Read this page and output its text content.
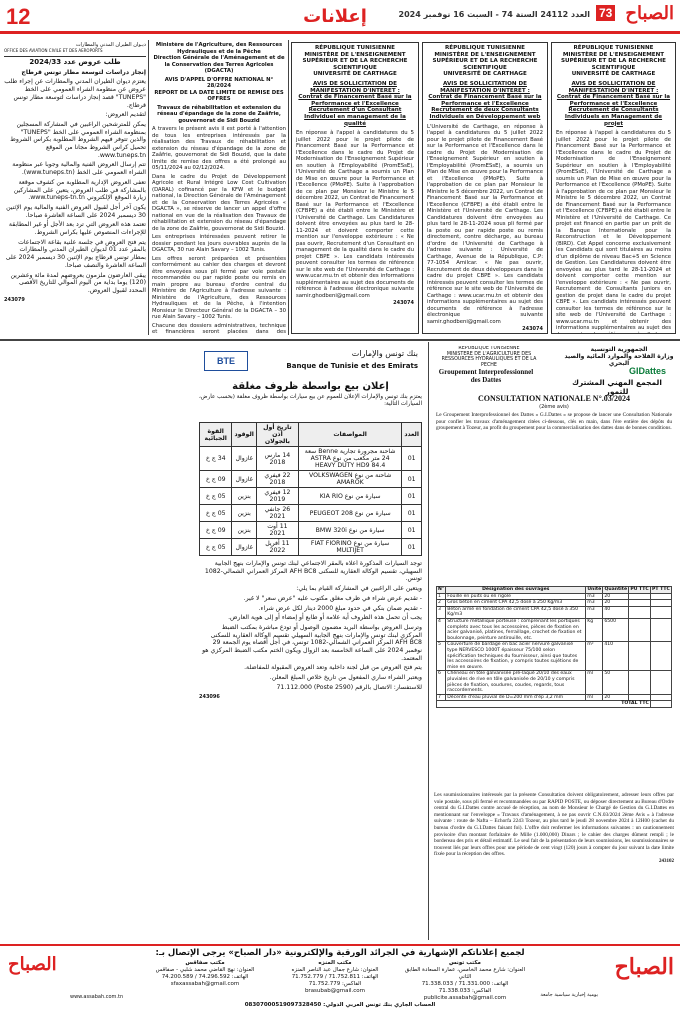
12	إعلانات	العدد 24112 السنة 74 - السبت 16 نوفمبر 2024 73 الصباح
ديـوان الطيران المدني والمطارات
OFFICE DES AVIATION CIVILE ET DES AEROPORTS

طلب عروض عدد 2024/33

إنجاز دراسات لتوسعة مطار تونس قرطاج

يعتزم ديوان الطيران المدني والمطارات عن إجراء طلب عروض عن منظومة الشراء العمومي على الخط "TUNEPS" قصد إنجاز دراسات لتوسعة مطار تونس قرطاج.

لتقديم العروض:

يمكن للمترشحين الراغبين في المشاركة المسجلين بمنظومة الشراء العمومي على الخط "TUNEPS" والذين تتوفر فيهم الشروط المطلوبة بكراس الشروط تحميل كراس الشروط مجانا من الموقع www.tuneps.tn.

تتم إرسال العروض الفنية والمالية وجوبا عبر منظومة الشراء العمومي على الخط (www.tuneps.tn).

تعفى العروض الإدارية المطلوبة من كشوف موقعة بالمشاركة في طلب العروض، يتعين على المشاركين زيارة الموقع الإلكتروني www.tuneps-tn.tn.

يكون آخر أجل لقبول العروض الفنية والمالية يوم الإثنين 30 ديسمبر 2024 على الساعة العاشرة صباحا.

تعتمد هذه العروض التي ترد بعد الأجل أو غير المطابقة للإجراءات المنصوص عليها بكراس الشروط.

يتم فتح العروض في جلسة علنية بقاعة الاجتماعات بالمقر عدد 01 لديوان الطيران المدني والمطارات بمطار تونس قرطاج يوم الإثنين 30 ديسمبر 2024 على الساعة العاشرة والنصف صباحا.

يبقى العارضون ملزمون بعروضهم لمدة مائة وعشرين (120) يوما بداية من اليوم الموالي للتاريخ الأقصى المحدد لقبول العروض.

243079

Ministère de l'Agriculture, des Ressources Hydrauliques et de la Pêche
Direction Générale de l'Aménagement et de la Conservation des Terres Agricoles (DGACTA)

AVIS D'APPEL D'OFFRE NATIONAL N° 28/2024
REPORT DE LA DATE LIMITE DE REMISE DES OFFRES

Travaux de réhabilitation et extension du réseau d'épandage de la zone de Zaâfrie, gouvernorat de Sidi Bouzid

A travers le présent avis il est porté à l'attention de tous les entreprises intéressés par la réalisation des Travaux de réhabilitation et extension du réseau d'épandage de la zone de Zaâfrie, gouvernorat de Sidi Bouzid, que la date limite de remise des offres a été prolongé au 05/11/2024 au 02/12/2024.

Dans le cadre du Projet de Développement Agricole et Rural Intégré Low Cost Cultivation (DARAL) cofinancé par la KFW et le budget national, la Direction Générale de l'Aménagement et de la Conservation des Terres Agricoles « DGACTA », se réserve de lancer un appel d'offre national en vue de la réalisation des Travaux de réhabilitation et extension du réseau d'épandage de la zone de Zaâfrie, gouvernorat de Sidi Bouzid.

Les entreprises intéressées peuvent retirer le dossier pendant les jours ouvrables auprès de la DGACTA, 30 rue Alain Savary – 1002 Tunis.

Les offres seront préparées et présentées conformément au cahier des charges et devront être envoyées sous pli fermé par voie postale recommandée ou par rapide poste ou remis en main propre au bureau d'ordre central du Ministère de l'Agriculture à l'adresse suivante : Ministère de l'Agriculture, des Ressources Hydrauliques et de la Pêche, à l'intention Monsieur le Directeur Général de la DGACTA – 30 rue Alain Savary – 1002 Tunis.

Chacune des dossiers administratives, technique et financières seront placées dans des

RÉPUBLIQUE TUNISIENNE
MINISTÈRE DE L'ENSEIGNEMENT SUPÉRIEUR ET DE LA RECHERCHE SCIENTIFIQUE
UNIVERSITÉ DE CARTHAGE
AVIS DE SOLLICITATION DE MANIFESTATION D'INTERET :
Contrat de Financement Basé sur la Performance et l'Excellence
Recrutement d'un Consultant Individuel en management de la qualité
En réponse à l'appel à candidatures du 5 juillet 2022 pour le projet pilote de Financement Basé sur la Performance et l'Excellence dans le cadre du Projet de Modernisation de l'Enseignement Supérieur en soutien à l'Employabilité (PromESsE), l'Université de Carthage a soumis un Plan de Mise en œuvre pour la Performance et l'Excellence (PMoPE). Suite à l'approbation de ce plan par Monsieur le Ministre le 5 décembre 2022, un Contrat de Financement Basé sur la Performance et l'Excellence (CFBPE) a été établi entre le Ministère et l'Université de Carthage. Les Candidatures doivent être envoyées au plus tard le 28-11-2024 et doivent comporter cette mention sur l'enveloppe extérieure : « Ne pas ouvrir, Recrutement d'un Consultant en management de la qualité dans le cadre du projet CBPE ». Les candidats intéressés peuvent consulter les termes de référence sur le site web de l'Université de Carthage : www.ucar.rnu.tn et obtenir des informations supplémentaires au sujet des documents de référence à l'adresse électronique suivante samir.ghodbeni@gmail.com
243074
RÉPUBLIQUE TUNISIENNE
MINISTÈRE DE L'ENSEIGNEMENT SUPÉRIEUR ET DE LA RECHERCHE SCIENTIFIQUE
UNIVERSITÉ DE CARTHAGE
AVIS DE SOLLICITATION DE MANIFESTATION D'INTERET :
Contrat de Financement Basé sur la Performance et l'Excellence
Recrutement de deux Consultants Individuels en Développement web
L'Université de Carthage, en réponse à l'appel à candidatures du 5 juillet 2022 pour le projet pilote de Financement Basé sur la Performance et l'Excellence dans le cadre du Projet de Modernisation de l'Enseignement Supérieur en soutien à l'Employabilité (PromESsE), a soumis un Plan de Mise en œuvre pour la Performance et l'Excellence (PMoPE). Suite à l'approbation de ce plan par Monsieur le Ministre le 5 décembre 2022, un Contrat de Financement Basé sur la Performance et l'Excellence (CFBPE) a été établi entre le Ministère et l'Université de Carthage. Les Candidatures doivent être envoyées au plus tard le 28-11-2024 sous pli fermé par la poste ou par rapide poste ou remis directement, contre décharge, au bureau d'ordre de l'Université de Carthage à l'adresse suivante : Université de Carthage, Avenue de la République, C.P: 77-1054 Amilcar. « Ne pas ouvrir, Recrutement de deux développeurs dans le cadre du projet CBPE ». Les candidats intéressés peuvent consulter les termes de référence sur le site web de l'Université de Carthage : www.ucar.rnu.tn et obtenir des informations supplémentaires au sujet des documents de référence à l'adresse électronique suivante samir.ghodbeni@gmail.com
243074
RÉPUBLIQUE TUNISIENNE
MINISTÈRE DE L'ENSEIGNEMENT SUPÉRIEUR ET DE LA RECHERCHE SCIENTIFIQUE
UNIVERSITÉ DE CARTHAGE
AVIS DE SOLLICITATION DE MANIFESTATION D'INTERET :
Contrat de Financement Basé sur la Performance et l'Excellence
Recrutement de Consultants Individuels en Management de projet
En réponse à l'appel à candidatures du 5 juillet 2022 pour le projet pilote de Financement Basé sur la Performance et l'Excellence dans le cadre du Projet de Modernisation de l'Enseignement Supérieur en soutien à l'Employabilité (PromESsE), l'Université de Carthage a soumis un Plan de Mise en œuvre pour la Performance et l'Excellence (PMoPE). Suite à l'approbation de ce plan par Monsieur le Ministre le 5 décembre 2022, un Contrat de Financement Basé sur la Performance et l'Excellence (CFBPE) a été établi entre le Ministère et l'Université de Carthage. Ce projet est financé en partie par un prêt de la Banque Internationale pour la Reconstruction et le Développement (BIRD). Cet Appel concerne exclusivement les Candidats qui sont titulaires au moins d'un diplôme de niveau Bac+5 en Science de Gestion. Les Candidatures doivent être envoyées au plus tard le 28-11-2024 et doivent comporter cette mention sur l'enveloppe extérieure : « Ne pas ouvrir, Recrutement de Consultants Juniors en gestion de projet dans le cadre du projet CBPE ». Les candidats intéressés peuvent consulter les termes de référence sur le site web de l'Université de Carthage : www.ucar.rnu.tn et obtenir des informations supplémentaires au sujet des
BTE
بنك تونس والإمارات
Banque de Tunisie et des Emirats
إعلان بيع بواسطة ظروف مغلقة
يعتزم بنك تونس والإمارات الإعلان للعموم عن بيع سيارات بواسطة ظروف مغلقة (بحسب عارض، السيارات التالية:
العدد	المواصفات	تاريخ أول أذن بالجولان	الوقود	القوة الجبائية
01	شاحنة مجرورة تجارية Benne سعة 24 متر مكعب من نوع ASTRA HEAVY DUTY HD9 84.4	14 مارس 2018	غازوال	34 ج خ
01	شاحنة من نوع VOLKSWAGEN AMAROK	22 فيفري 2018	غازوال	09 ج خ
01	سيارة من نوع KIA RIO	12 فيفري 2019	بنزين	05 ج خ
01	سيارة من نوع PEUGEOT 208	26 جانفي 2021	بنزين	05 ج خ
01	سيارة من نوع BMW 320i	11 أوت 2021	بنزين	09 ج خ
01	سيارة من نوع FIAT FIORINO MULTIJET	11 أفريل 2022	غازوال	05 ج خ

توجد السيارات المذكورة أعلاه بالمقر الاجتماعي لبنك تونس والإمارات بنهج الجابية السهيلي، تقسيم الوكالة العقارية للسكنى AFH BC8 المركز العمراني الشمالي-1082 تونس.

ويتعين على الراغبين في المشاركة القيام بما يلي:

- تقديم عرض شراء في ظرف مغلق مكتوب عليه "عرض سعر" لا غير.

- تقديم ضمان بنكي في حدود مبلغ 2000 دينار لكل عرض شراء.

يجب أن تحمل هذه الظروف أية علامة أو طابع أو إمضاء أو إلى هوية العارض.

وترسل العروض بواسطة البريد مضمون الوصول أو تودع مباشرة بمكتب الضبط المركزي لبنك تونس والإمارات بنهج الجابية السهيلي تقسيم الوكالة العقارية للسكنى AFH BC8 المركز العمراني الشمالي-1082 تونس، في أجل أقصاه يوم الجمعة 29 نوفمبر 2024 على الساعة الخامسة بعد الزوال ويكون الختم مكتب الضبط المركزي هو المعتمد.

يتم فتح العروض من قبل لجنة داخلية وتعد العروض المقبولة للمفاضلة.

ويعتبر الشراء ساري المفعول من تاريخ خلاص المبلغ المعلن.

للاستفسار: الاتصال بالرقم (Poste 2590) 71.112.000

243096
REPUBLIQUE TUNISIENNE
MINISTERE DE L'AGRICULTURE DES RESSOURCES HYDRAULIQUES ET DE LA PECHE
الجمهورية التونسية
وزارة الفلاحة والموارد المائية والصيد البحري
GIDattes
Groupement Interprofessionnel des Dattes	المجمع المهني المشترك للتمور
CONSULTATION NATIONALE N°.03/2024
(2ème avis)
Le Groupement Interprofessionnel des Dattes « G.I.Dattes » se propose de lancer une Consultation Nationale pour confier les travaux d'aménagement citées ci-dessous, clés en main, dans l'ère entière des dépôts du groupement à Tozeur, au profit du groupement pour la commercialisation des dattes dans de bonnes conditions.
N°	Désignation des ouvrages	Unité	Quantité	PU TTC	PT TTC
1	Fouille en puits ou en rigole	m3	20		
2	Gros béton en ciment CPA 42,5 dosé à 250 Kg/m3	m3	20		
3	Béton armé en fondation de ciment CPA 42,5 dosé à 350 Kg/m3	m3	40		
4	Structure métallique porteuse : comprenant les portiques complets avec tous les accessoires, pièces de fixation en acier galvanisé, platines, ferraillage, crochet de fixation et boulonnage, peinture antirouille, etc.	Kg	6500		
5	Couverture de bardage en bac acier nervuré galvanisé type NERVESCO 1000T épaisseur 75/100 selon spécification techniques du fournisseur, ainsi que toutes les accessoires de fixation, y compris toutes sujétions de mise en œuvre.	m²	410		
6	Chéneau en tôle galvanisée pré-laqué 20/10 des eaux pluviales de rive en tôle galvanisée de 20/10 y compris pièces de fixation, soudures, coudes, regards, tous raccordements.	ml	50		
7	Décente d'eau pluvial de D=200 mm d'ép 3,2 mm	ml	20		
TOTAL TTC					
Les soumissionnaires intéressés par la présente Consultation doivent obligatoirement, adresser leurs offres par voie postale, sous pli fermé et recommandées ou par RAPID POSTE, ou déposer directement au Bureau d'Ordre central du G.I.Dattes contre accusé de réception, au nom de Monsieur le Chargé de Gestion du G.I.Dattes en mentionnant sur l'enveloppe « Travaux d'aménagement, à ne pas ouvrir C.N.03/2024 2ème Avis » à l'adresse suivante : route de Nafta – Echorfa 2243 Tozeur, au plus tard le jeudi 28 novembre 2024 à 12H00 (cachet du bureau d'ordre du G.I.Dattes faisant foi). L'offre doit renfermer les informations suivantes : un cautionnement provisoire d'un montant forfaitaire de Mille (1.000,000) Dinars ; le cahier des charges dûment rempli ; le bordereau des prix et détail estimatif. Le seul fait de la présentation de leurs soumissions, les soumissionnaires se trouvent liés par leurs offres pour une période de cent vingt (120) jours à compter du jour suivant la date limite fixée pour la réception des offres.
243102
الصباح
الصباح
لجميع إعلاناتكم الإشهارية في الجرائد الورقية والإلكترونية «دار الصباح» يرجى الإتصال بـ:
مكتب تونس
العنوان: شارع محمد الخامس، عمارة السعادة الطابق الثاني
الهاتف: 71.331.000 / 71.338.033
الفاكس: 71.338.033
publicite.assabah@gmail.com
مكتب المنزه
العنوان: شارع جمال عبد الناصر المنزه
الهاتف: 71.752.811 / 71.752.779
الفاكس: 71.752.779
brasubab@gmail.com
مكتب صفاقس
العنوان: نهج القاضي محمد شلبي - صفاقس
الهاتف: 74.296.592 / 74.200.589
sfaxassabah@gmail.com
الحساب الجاري بنك تونس العربي الدولي: 08307000519097328450
يومية إخبارية سياسية جامعة
www.assabah.com.tn
